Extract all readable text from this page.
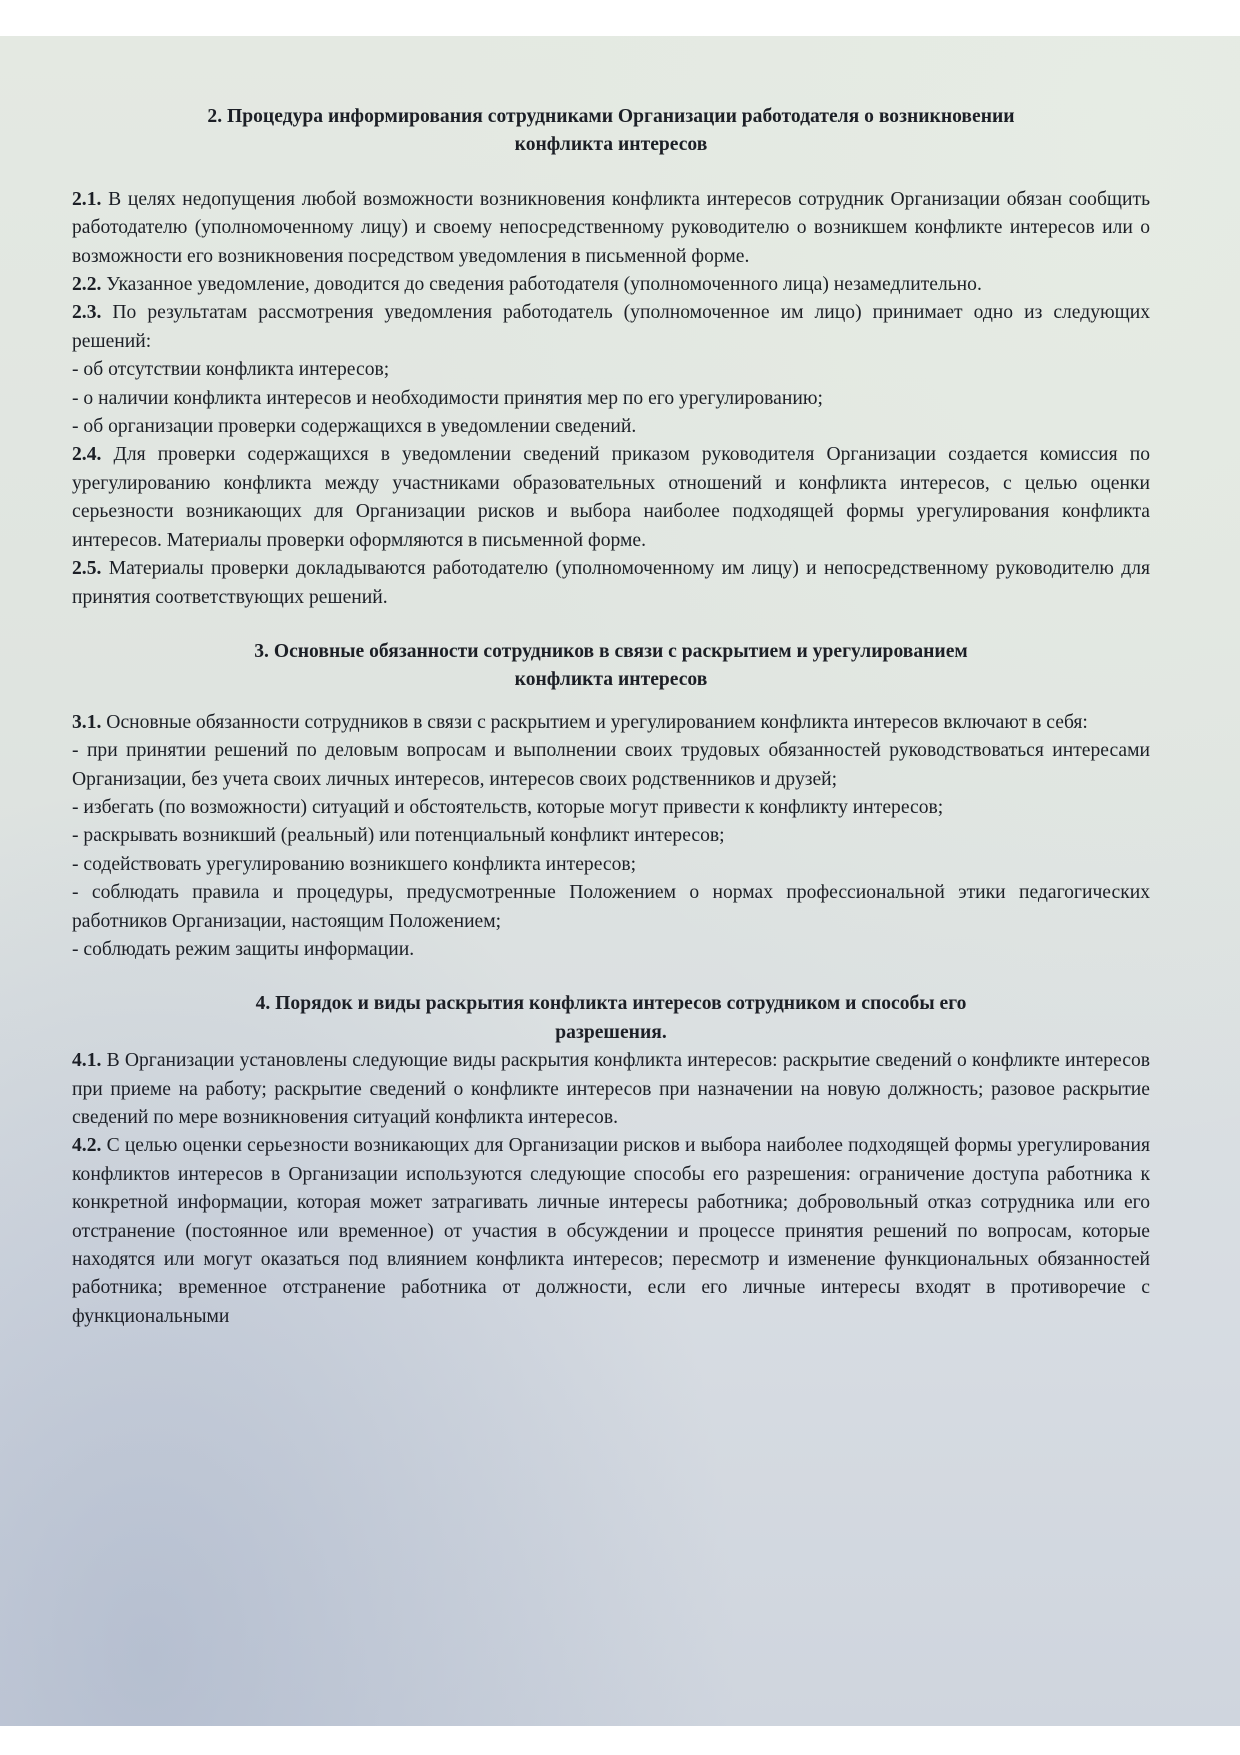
2. Процедура информирования сотрудниками Организации работодателя о возникновении
конфликта интересов

2.1. В целях недопущения любой возможности возникновения конфликта интересов сотрудник Организации обязан сообщить работодателю (уполномоченному лицу) и своему непосредственному руководителю о возникшем конфликте интересов или о возможности его возникновения посредством уведомления в письменной форме.

2.2. Указанное уведомление, доводится до сведения работодателя (уполномоченного лица) незамедлительно.

2.3. По результатам рассмотрения уведомления работодатель (уполномоченное им лицо) принимает одно из следующих решений:

- об отсутствии конфликта интересов;

- о наличии конфликта интересов и необходимости принятия мер по его урегулированию;

- об организации проверки содержащихся в уведомлении сведений.

2.4. Для проверки содержащихся в уведомлении сведений приказом руководителя Организации создается комиссия по урегулированию конфликта между участниками образовательных отношений и конфликта интересов, с целью оценки серьезности возникающих для Организации рисков и выбора наиболее подходящей формы урегулирования конфликта интересов. Материалы проверки оформляются в письменной форме.

2.5. Материалы проверки докладываются работодателю (уполномоченному им лицу) и непосредственному руководителю для принятия соответствующих решений.

3. Основные обязанности сотрудников в связи с раскрытием и урегулированием
конфликта интересов

3.1. Основные обязанности сотрудников в связи с раскрытием и урегулированием конфликта интересов включают в себя:

- при принятии решений по деловым вопросам и выполнении своих трудовых обязанностей руководствоваться интересами Организации, без учета своих личных интересов, интересов своих родственников и друзей;

- избегать (по возможности) ситуаций и обстоятельств, которые могут привести к конфликту интересов;

- раскрывать возникший (реальный) или потенциальный конфликт интересов;

- содействовать урегулированию возникшего конфликта интересов;

- соблюдать правила и процедуры, предусмотренные Положением о нормах профессиональной этики педагогических работников Организации, настоящим Положением;

- соблюдать режим защиты информации.

4. Порядок и виды раскрытия конфликта интересов сотрудником и способы его
разрешения.

4.1. В Организации установлены следующие виды раскрытия конфликта интересов: раскрытие сведений о конфликте интересов при приеме на работу; раскрытие сведений о конфликте интересов при назначении на новую должность; разовое раскрытие сведений по мере возникновения ситуаций конфликта интересов.

4.2. С целью оценки серьезности возникающих для Организации рисков и выбора наиболее подходящей формы урегулирования конфликтов интересов в Организации используются следующие способы его разрешения: ограничение доступа работника к конкретной информации, которая может затрагивать личные интересы работника; добровольный отказ сотрудника или его отстранение (постоянное или временное) от участия в обсуждении и процессе принятия решений по вопросам, которые находятся или могут оказаться под влиянием конфликта интересов; пересмотр и изменение функциональных обязанностей работника; временное отстранение работника от должности, если его личные интересы входят в противоречие с функциональными
